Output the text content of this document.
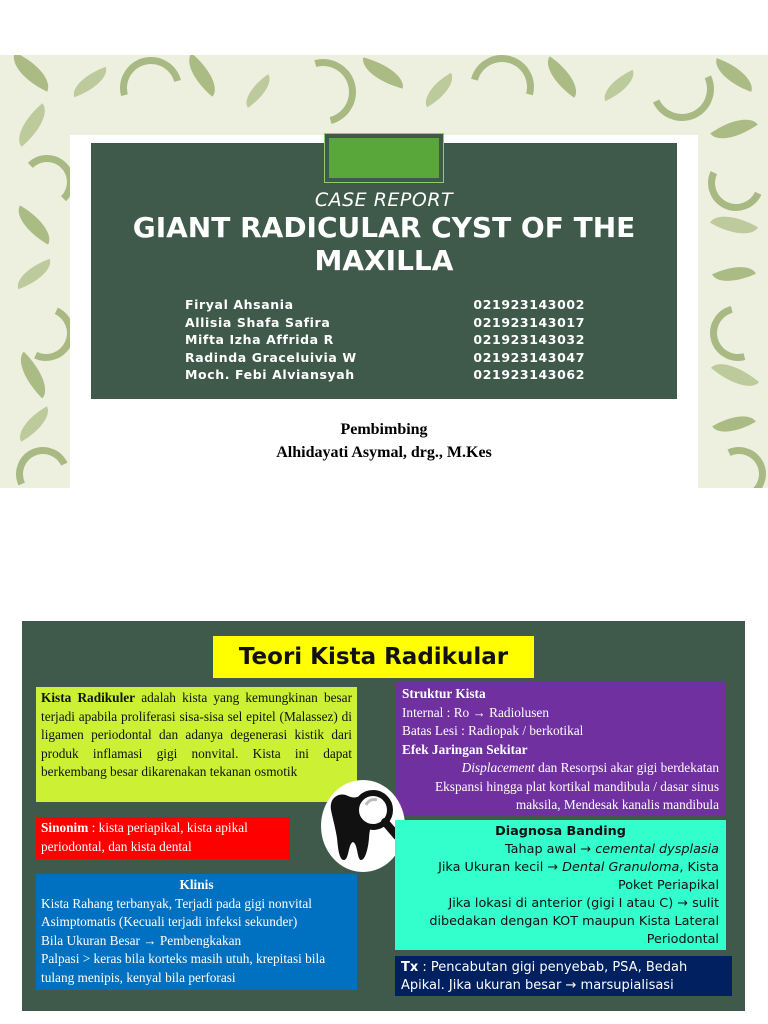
CASE REPORT
GIANT RADICULAR CYST OF THE
MAXILLA
Firyal Ahsania	021923143002
Allisia Shafa Safira	021923143017
Mifta Izha Affrida R	021923143032
Radinda Graceluivia W	021923143047
Moch. Febi Alviansyah	021923143062
Pembimbing
Alhidayati Asymal, drg., M.Kes
Teori Kista Radikular
Kista Radikuler adalah kista yang kemungkinan besar terjadi apabila proliferasi sisa-sisa sel epitel (Malassez) di ligamen periodontal dan adanya degenerasi kistik dari produk inflamasi gigi nonvital. Kista ini dapat berkembang besar dikarenakan tekanan osmotik
Sinonim : kista periapikal, kista apikal periodontal, dan kista dental
Klinis
Kista Rahang terbanyak, Terjadi pada gigi nonvital
Asimptomatis (Kecuali terjadi infeksi sekunder)
Bila Ukuran Besar → Pembengkakan
Palpasi > keras bila korteks masih utuh, krepitasi bila tulang menipis, kenyal bila perforasi
Struktur Kista
Internal : Ro → Radiolusen
Batas Lesi : Radiopak / berkotikal
Efek Jaringan Sekitar
Displacement dan Resorpsi akar gigi berdekatan
Ekspansi hingga plat kortikal mandibula / dasar sinus maksila, Mendesak kanalis mandibula
Diagnosa Banding
Tahap awal → cemental dysplasia
Jika Ukuran kecil → Dental Granuloma, Kista Poket Periapikal
Jika lokasi di anterior (gigi I atau C) → sulit dibedakan dengan KOT maupun Kista Lateral Periodontal
Tx : Pencabutan gigi penyebab, PSA, Bedah Apikal. Jika ukuran besar → marsupialisasi
